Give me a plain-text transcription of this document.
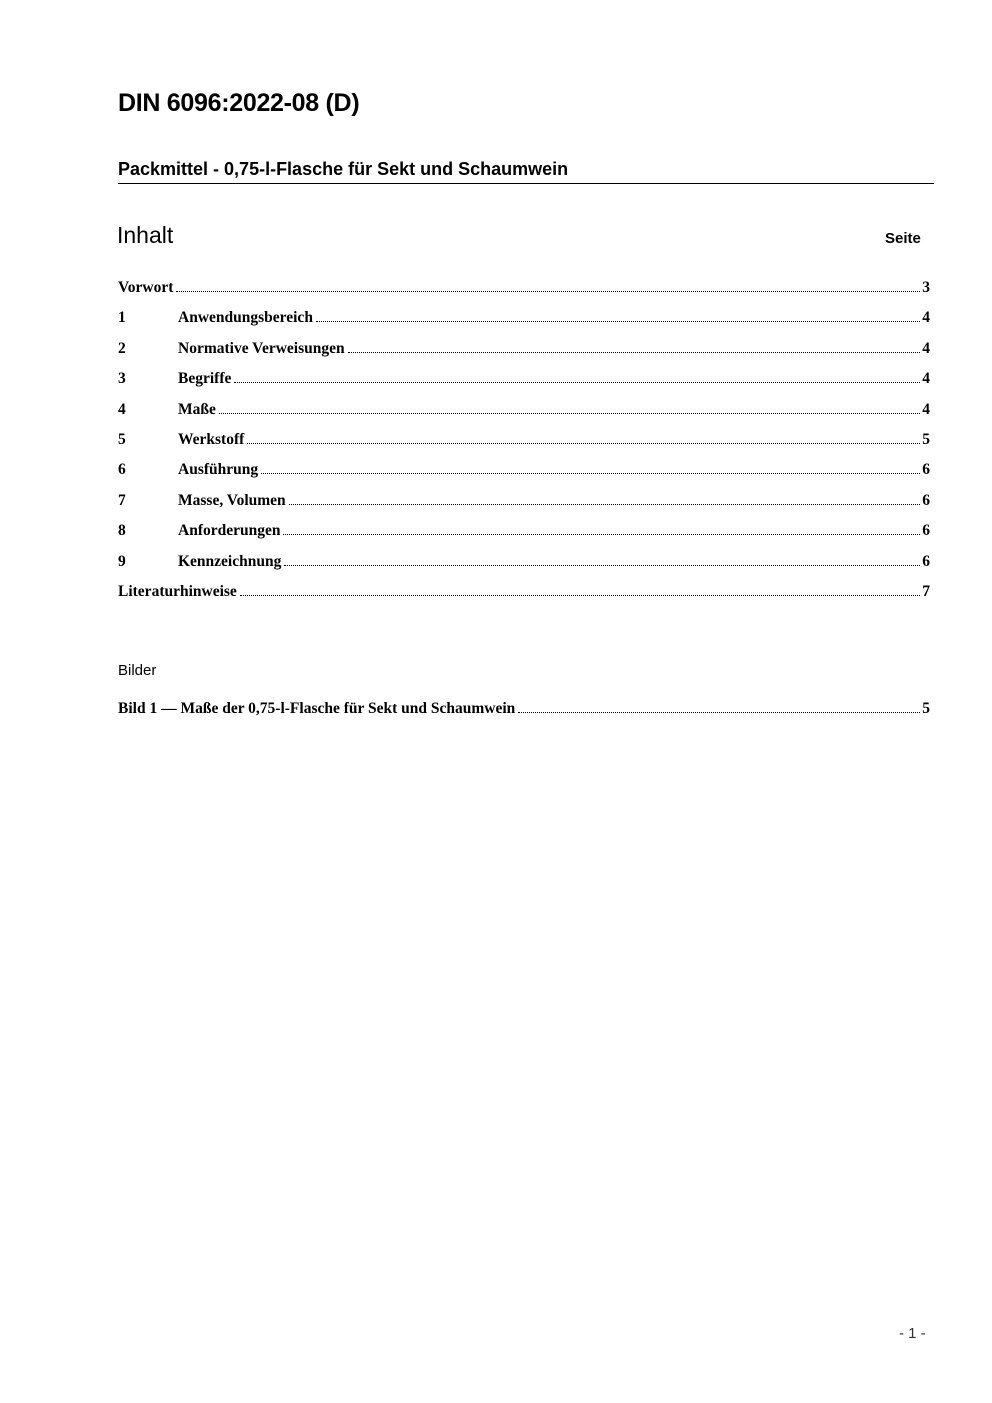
DIN 6096:2022-08 (D)
Packmittel - 0,75-l-Flasche für Sekt und Schaumwein
Inhalt	Seite
Vorwort	3
1	Anwendungsbereich	4
2	Normative Verweisungen	4
3	Begriffe	4
4	Maße	4
5	Werkstoff	5
6	Ausführung	6
7	Masse, Volumen	6
8	Anforderungen	6
9	Kennzeichnung	6
Literaturhinweise	7
Bilder
Bild 1 — Maße der 0,75-l-Flasche für Sekt und Schaumwein	5
- 1 -
